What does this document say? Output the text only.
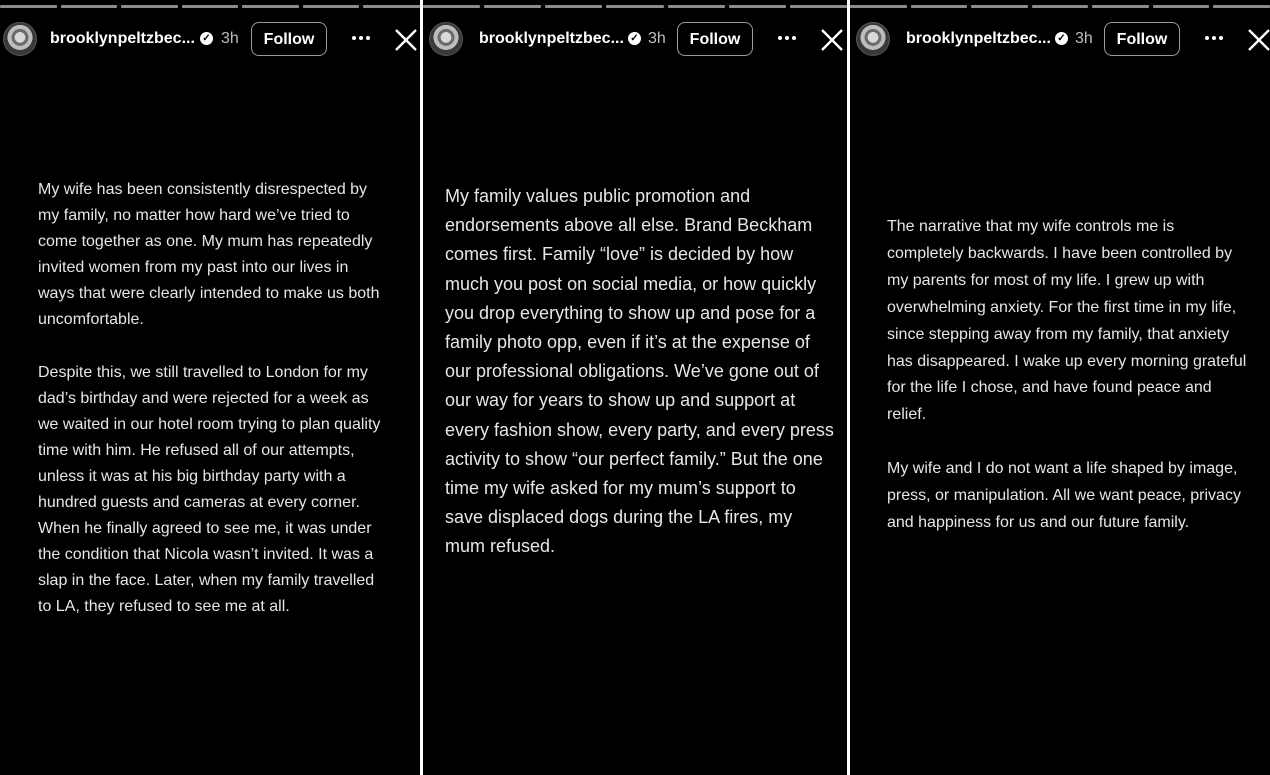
brooklynpeltzbec... ✓ 3h	Follow

My wife has been consistently disrespected by my family, no matter how hard we’ve tried to come together as one. My mum has repeatedly invited women from my past into our lives in ways that were clearly intended to make us both uncomfortable.

Despite this, we still travelled to London for my dad’s birthday and were rejected for a week as we waited in our hotel room trying to plan quality time with him. He refused all of our attempts, unless it was at his big birthday party with a hundred guests and cameras at every corner. When he finally agreed to see me, it was under the condition that Nicola wasn’t invited. It was a slap in the face. Later, when my family travelled to LA, they refused to see me at all.

brooklynpeltzbec... ✓ 3h	Follow

My family values public promotion and endorsements above all else. Brand Beckham comes first. Family “love” is decided by how much you post on social media, or how quickly you drop everything to show up and pose for a family photo opp, even if it’s at the expense of our professional obligations. We’ve gone out of our way for years to show up and support at every fashion show, every party, and every press activity to show “our perfect family.” But the one time my wife asked for my mum’s support to save displaced dogs during the LA fires, my mum refused.

brooklynpeltzbec... ✓ 3h	Follow

The narrative that my wife controls me is completely backwards. I have been controlled by my parents for most of my life. I grew up with overwhelming anxiety. For the first time in my life, since stepping away from my family, that anxiety has disappeared. I wake up every morning grateful for the life I chose, and have found peace and relief.

My wife and I do not want a life shaped by image, press, or manipulation. All we want peace, privacy and happiness for us and our future family.
